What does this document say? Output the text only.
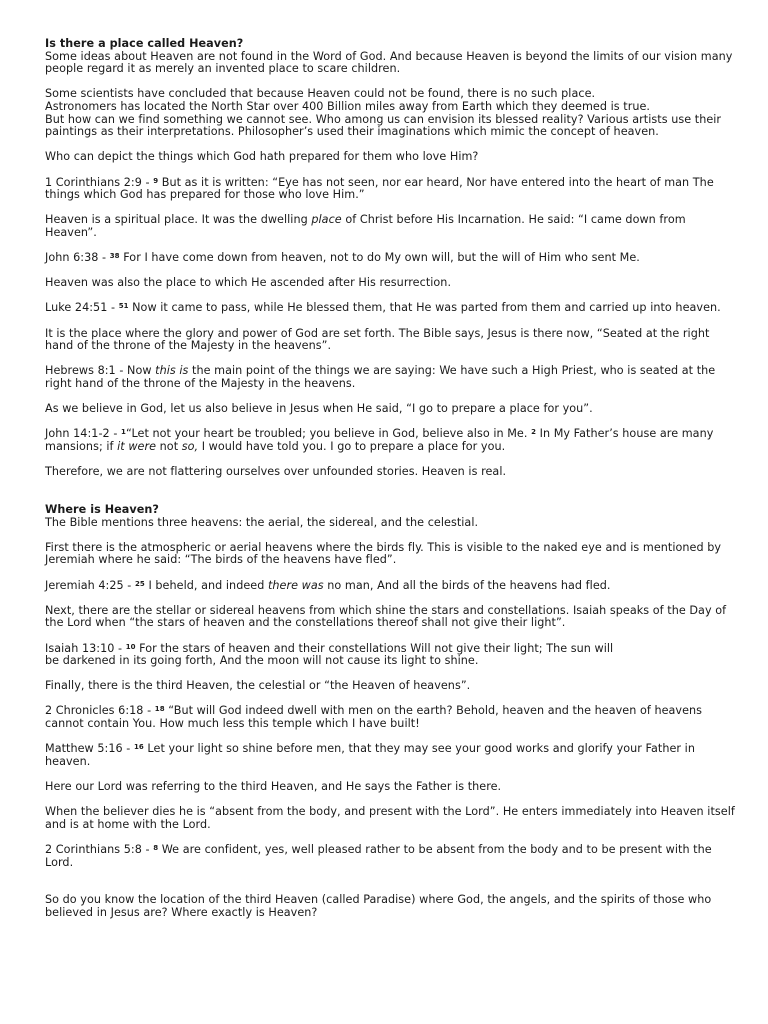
Is there a place called Heaven?

Some ideas about Heaven are not found in the Word of God. And because Heaven is beyond the limits of our vision many people regard it as merely an invented place to scare children.

Some scientists have concluded that because Heaven could not be found, there is no such place.

Astronomers has located the North Star over 400 Billion miles away from Earth which they deemed is true.

But how can we find something we cannot see. Who among us can envision its blessed reality? Various artists use their paintings as their interpretations. Philosopher’s used their imaginations which mimic the concept of heaven.

Who can depict the things which God hath prepared for them who love Him?

1 Corinthians 2:9 - $^9$ But as it is written: “Eye has not seen, nor ear heard, Nor have entered into the heart of man The things which God has prepared for those who love Him.”

Heaven is a spiritual place. It was the dwelling place of Christ before His Incarnation. He said: “I came down from Heaven”.

John 6:38 - $^{38}$ For I have come down from heaven, not to do My own will, but the will of Him who sent Me.

Heaven was also the place to which He ascended after His resurrection.

Luke 24:51 - $^{51}$ Now it came to pass, while He blessed them, that He was parted from them and carried up into heaven.

It is the place where the glory and power of God are set forth. The Bible says, Jesus is there now, “Seated at the right hand of the throne of the Majesty in the heavens”.

Hebrews 8:1 - Now this is the main point of the things we are saying: We have such a High Priest, who is seated at the right hand of the throne of the Majesty in the heavens.

As we believe in God, let us also believe in Jesus when He said, “I go to prepare a place for you”.

John 14:1-2 - $^1$“Let not your heart be troubled; you believe in God, believe also in Me. $^2$ In My Father’s house are many mansions; if it were not so, I would have told you. I go to prepare a place for you.

Therefore, we are not flattering ourselves over unfounded stories. Heaven is real.

Where is Heaven?

The Bible mentions three heavens: the aerial, the sidereal, and the celestial.

First there is the atmospheric or aerial heavens where the birds fly. This is visible to the naked eye and is mentioned by Jeremiah where he said: “The birds of the heavens have fled”.

Jeremiah 4:25 - $^{25}$ I beheld, and indeed there was no man, And all the birds of the heavens had fled.

Next, there are the stellar or sidereal heavens from which shine the stars and constellations. Isaiah speaks of the Day of the Lord when “the stars of heaven and the constellations thereof shall not give their light”.

Isaiah 13:10 - $^{10}$ For the stars of heaven and their constellations Will not give their light; The sun will
be darkened in its going forth, And the moon will not cause its light to shine.

Finally, there is the third Heaven, the celestial or “the Heaven of heavens”.

2 Chronicles 6:18 - $^{18}$ “But will God indeed dwell with men on the earth? Behold, heaven and the heaven of heavens cannot contain You. How much less this temple which I have built!

Matthew 5:16 - $^{16}$ Let your light so shine before men, that they may see your good works and glorify your Father in heaven.

Here our Lord was referring to the third Heaven, and He says the Father is there.

When the believer dies he is “absent from the body, and present with the Lord”. He enters immediately into Heaven itself and is at home with the Lord.

2 Corinthians 5:8 - $^8$ We are confident, yes, well pleased rather to be absent from the body and to be present with the Lord.

So do you know the location of the third Heaven (called Paradise) where God, the angels, and the spirits of those who believed in Jesus are? Where exactly is Heaven?
